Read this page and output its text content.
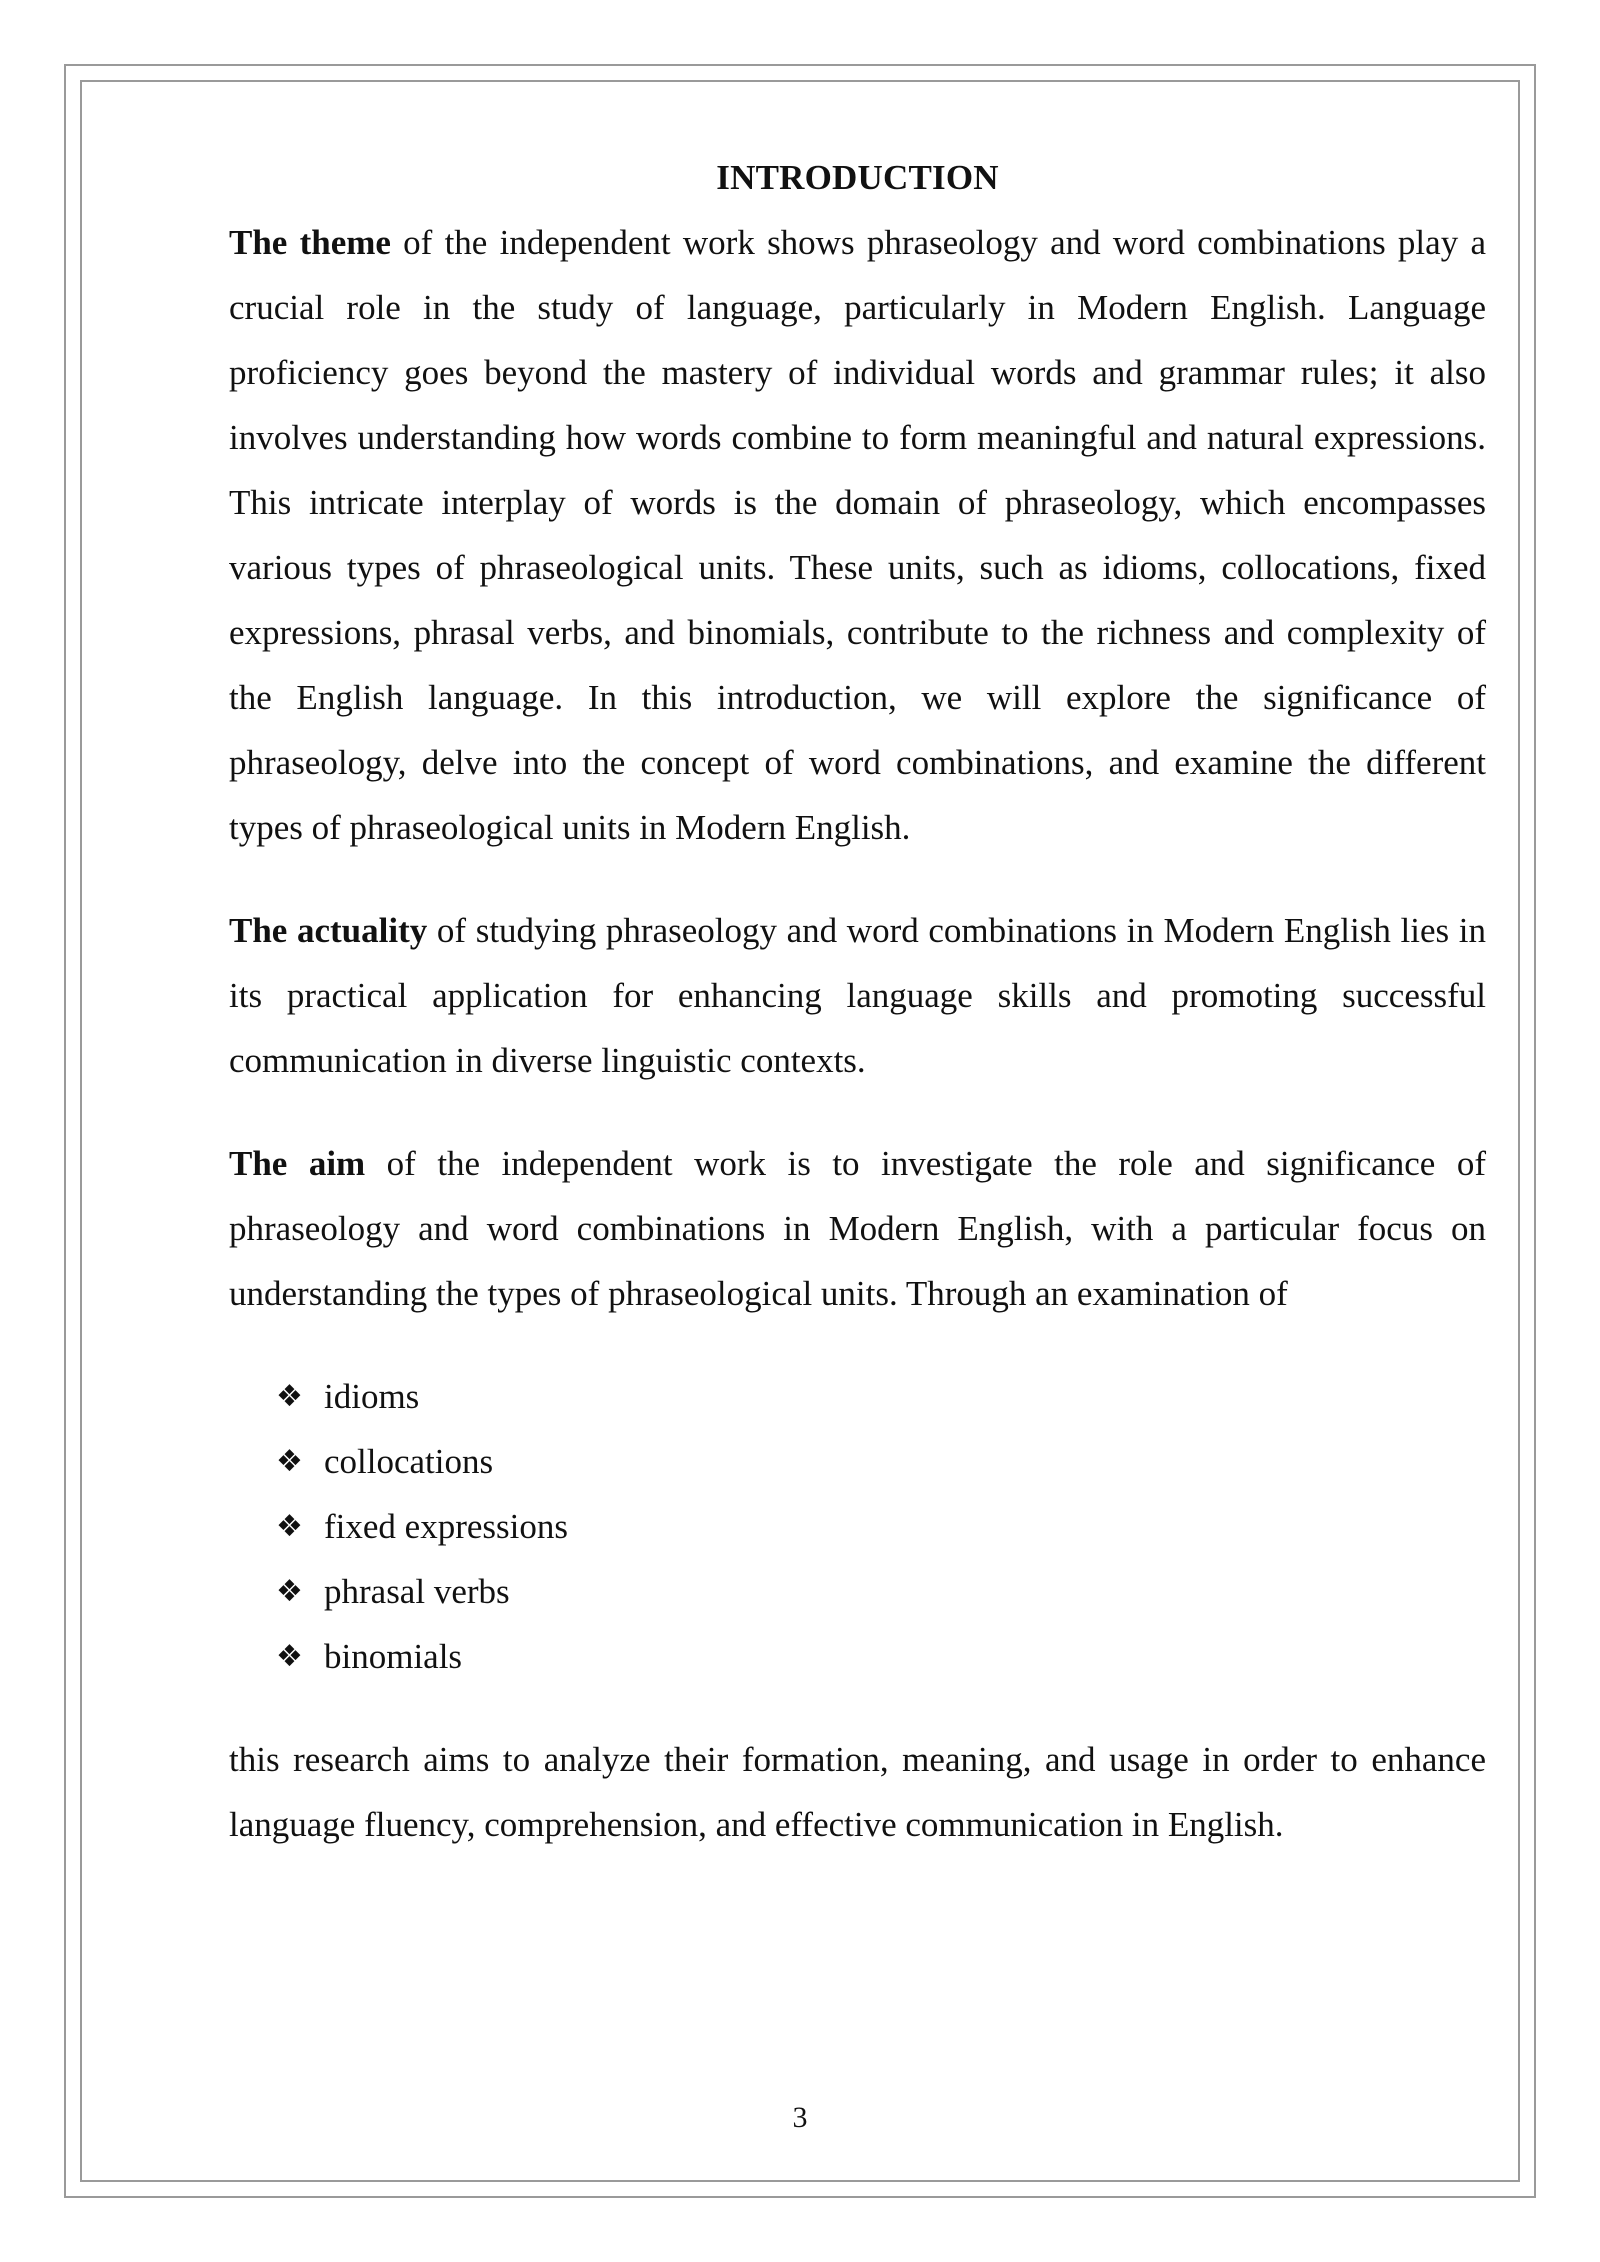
INTRODUCTION

The theme of the independent work shows phraseology and word combinations play a crucial role in the study of language, particularly in Modern English. Language proficiency goes beyond the mastery of individual words and grammar rules; it also involves understanding how words combine to form meaningful and natural expressions. This intricate interplay of words is the domain of phraseology, which encompasses various types of phraseological units. These units, such as idioms, collocations, fixed expressions, phrasal verbs, and binomials, contribute to the richness and complexity of the English language. In this introduction, we will explore the significance of phraseology, delve into the concept of word combinations, and examine the different types of phraseological units in Modern English.

The actuality of studying phraseology and word combinations in Modern English lies in its practical application for enhancing language skills and promoting successful communication in diverse linguistic contexts.

The aim of the independent work is to investigate the role and significance of phraseology and word combinations in Modern English, with a particular focus on understanding the types of phraseological units. Through an examination of

❖ idioms
❖ collocations
❖ fixed expressions
❖ phrasal verbs
❖ binomials

this research aims to analyze their formation, meaning, and usage in order to enhance language fluency, comprehension, and effective communication in English.

3
